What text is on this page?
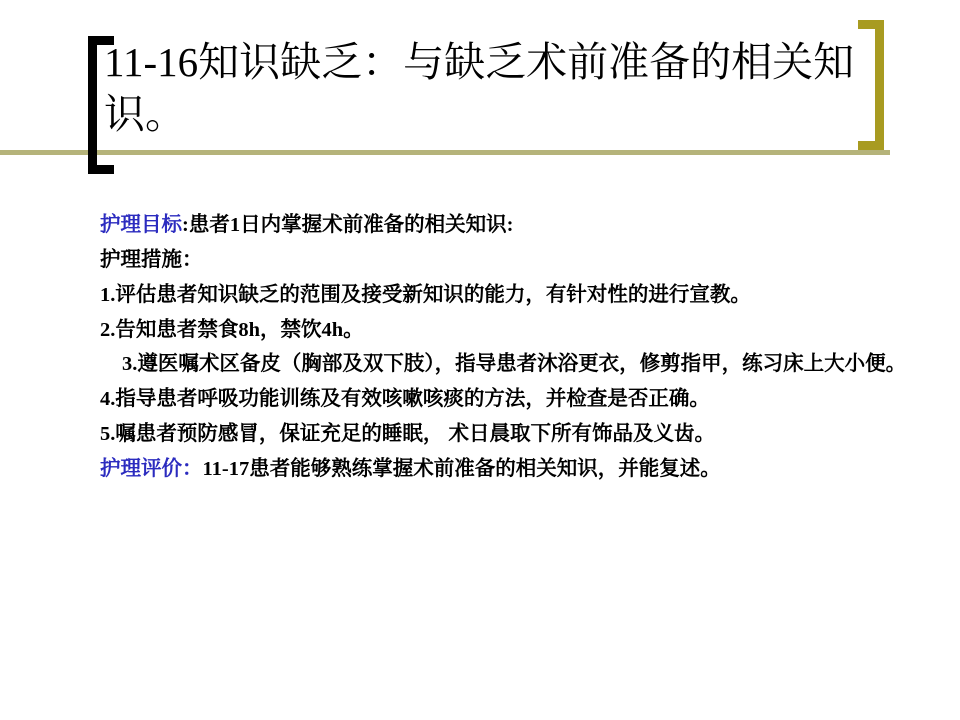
11-16知识缺乏：与缺乏术前准备的相关知识。
护理目标:患者1日内掌握术前准备的相关知识:
护理措施：
1.评估患者知识缺乏的范围及接受新知识的能力，有针对性的进行宣教。
2.告知患者禁食8h，禁饮4h。
3.遵医嘱术区备皮（胸部及双下肢），指导患者沐浴更衣，修剪指甲，练习床上大小便。
4.指导患者呼吸功能训练及有效咳嗽咳痰的方法，并检查是否正确。
5.嘱患者预防感冒，保证充足的睡眠， 术日晨取下所有饰品及义齿。
护理评价：11-17患者能够熟练掌握术前准备的相关知识，并能复述。
